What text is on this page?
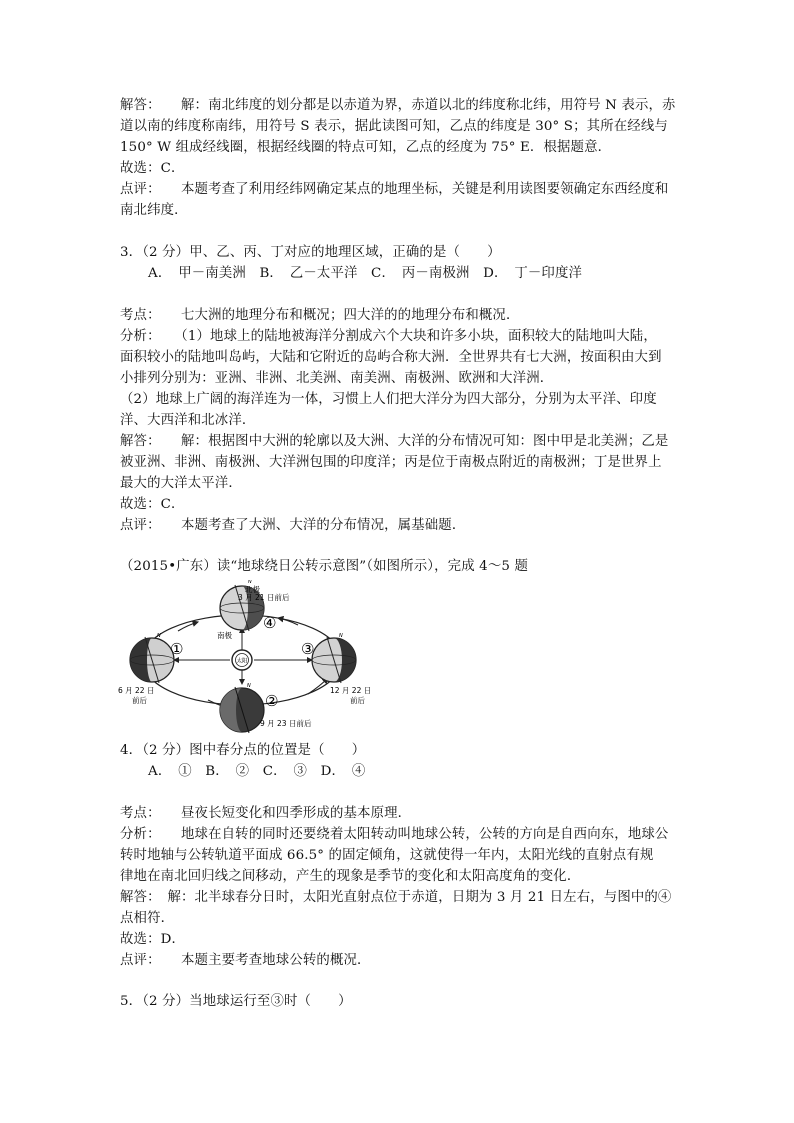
解答：　　解：南北纬度的划分都是以赤道为界，赤道以北的纬度称北纬，用符号 N 表示，赤
道以南的纬度称南纬，用符号 S 表示，据此读图可知，乙点的纬度是 30° S；其所在经线与
150° W 组成经线圈，根据经线圈的特点可知，乙点的经度为 75° E．根据题意．
故选：C．
点评：　　本题考查了利用经纬网确定某点的地理坐标，关键是利用读图要领确定东西经度和
南北纬度．
3．（2 分）甲、乙、丙、丁对应的地理区域，正确的是（　　）
A．　甲－南美洲　B．　乙－太平洋　C．　丙－南极洲　D．　丁－印度洋
考点：　　七大洲的地理分布和概况；四大洋的的地理分布和概况．
分析：　　（1）地球上的陆地被海洋分割成六个大块和许多小块，面积较大的陆地叫大陆，
面积较小的陆地叫岛屿，大陆和它附近的岛屿合称大洲．全世界共有七大洲，按面积由大到
小排列分别为：亚洲、非洲、北美洲、南美洲、南极洲、欧洲和大洋洲．
（2）地球上广阔的海洋连为一体，习惯上人们把大洋分为四大部分，分别为太平洋、印度
洋、大西洋和北冰洋．
解答：　　解：根据图中大洲的轮廓以及大洲、大洋的分布情况可知：图中甲是北美洲；乙是
被亚洲、非洲、南极洲、大洋洲包围的印度洋；丙是位于南极点附近的南极洲；丁是世界上
最大的大洋太平洋．
故选：C．
点评：　　本题考查了大洲、大洋的分布情况，属基础题．
（2015•广东）读“地球绕日公转示意图”（如图所示），完成 4～5 题
太阳
北极
南极
N
N	N
N
3 月 21 日前后
9 月 23 日前后
6 月 22 日
前后
12 月 22 日
前后
①
②
③
④
4．（2 分）图中春分点的位置是（　　）
A．　①　B．　②　C．　③　D．　④
考点：　　昼夜长短变化和四季形成的基本原理．
分析：　　地球在自转的同时还要绕着太阳转动叫地球公转，公转的方向是自西向东，地球公
转时地轴与公转轨道平面成 66.5° 的固定倾角，这就使得一年内，太阳光线的直射点有规
律地在南北回归线之间移动，产生的现象是季节的变化和太阳高度角的变化．
解答：　解：北半球春分日时，太阳光直射点位于赤道，日期为 3 月 21 日左右，与图中的④
点相符．
故选：D．
点评：　　本题主要考查地球公转的概况．
5．（2 分）当地球运行至③时（　　）
